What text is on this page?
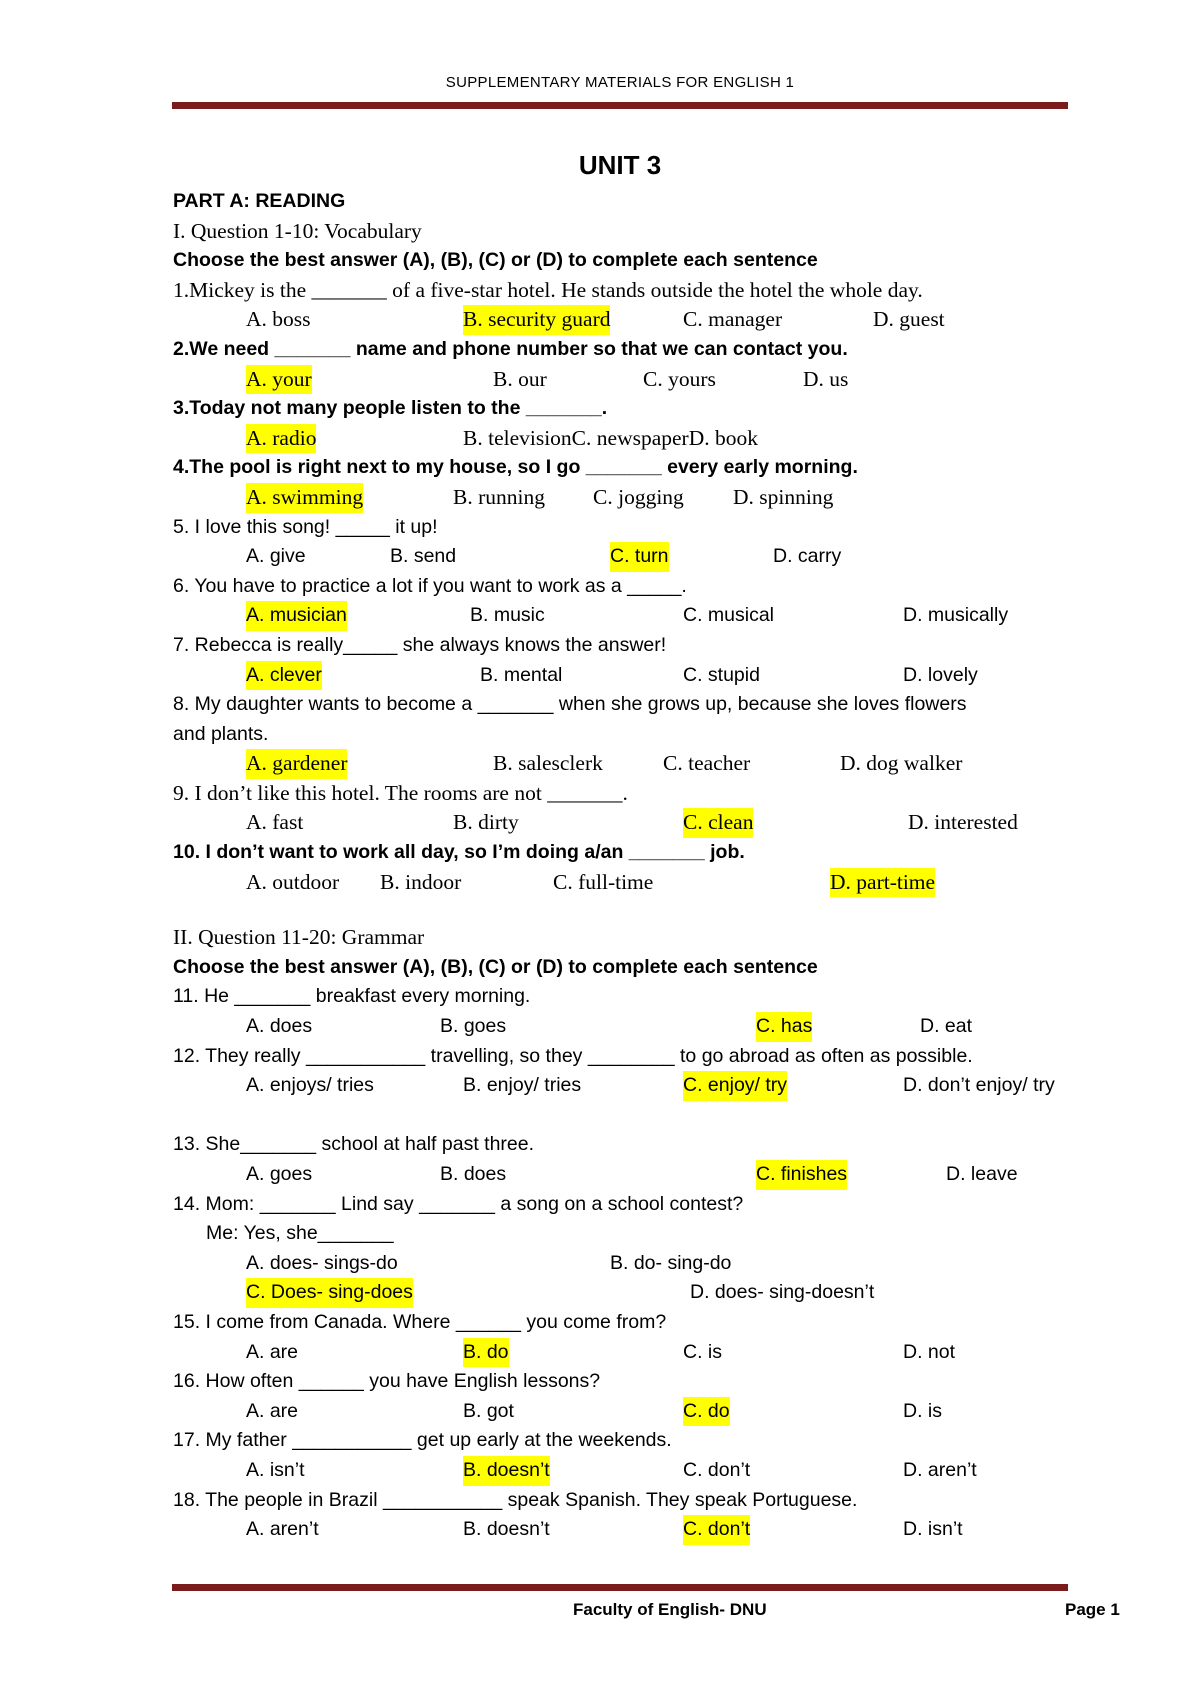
SUPPLEMENTARY MATERIALS FOR ENGLISH 1
UNIT 3
PART A: READING
I. Question 1-10: Vocabulary
Choose the best answer (A), (B), (C) or (D) to complete each sentence
1.Mickey is the _______ of a five-star hotel. He stands outside the hotel the whole day.
A. boss	B. security guard	C. manager	D. guest
2.We need _______ name and phone number so that we can contact you.
A. your	B. our	C. yours	D. us
3.Today not many people listen to the _______.
A. radio	B. televisionC. newspaperD. book
4.The pool is right next to my house, so I go _______ every early morning.
A. swimming	B. running C. jogging D. spinning
5. I love this song! _____ it up!
A. give	B. send	C. turn	D. carry
6. You have to practice a lot if you want to work as a _____.
A. musician	B. music	C. musical	D. musically
7. Rebecca is really_____ she always knows the answer!
A. clever	B. mental	C. stupid	D. lovely
8. My daughter wants to become a _______ when she grows up, because she loves flowers and plants.
A. gardener	B. salesclerk	C. teacher	D. dog walker
9. I don’t like this hotel. The rooms are not _______.
A. fast	B. dirty	C. clean	D. interested
10. I don’t want to work all day, so I’m doing a/an _______ job.
A. outdoor B. indoor	C. full-time	D. part-time
II. Question 11-20: Grammar
Choose the best answer (A), (B), (C) or (D) to complete each sentence
11. He _______ breakfast every morning.
A. does	B. goes	C. has	D. eat
12. They really ___________ travelling, so they ________ to go abroad as often as possible.
A. enjoys/ tries	B. enjoy/ tries	C. enjoy/ try	D. don’t enjoy/ try
13. She_______ school at half past three.
A. goes	B. does	C. finishes	D. leave
14. Mom: _______ Lind say _______ a song on a school contest?
Me: Yes, she_______
A. does- sings-do	B. do- sing-do
C. Does- sing-does	D. does- sing-doesn’t
15. I come from Canada. Where ______ you come from?
A. are	B. do	C. is	D. not
16. How often ______ you have English lessons?
A. are	B. got	C. do	D. is
17. My father ___________ get up early at the weekends.
A. isn’t	B. doesn’t	C. don’t	D. aren’t
18. The people in Brazil ___________ speak Spanish. They speak Portuguese.
A. aren’t	B. doesn’t	C. don’t	D. isn’t
Faculty of English- DNU	Page 1
